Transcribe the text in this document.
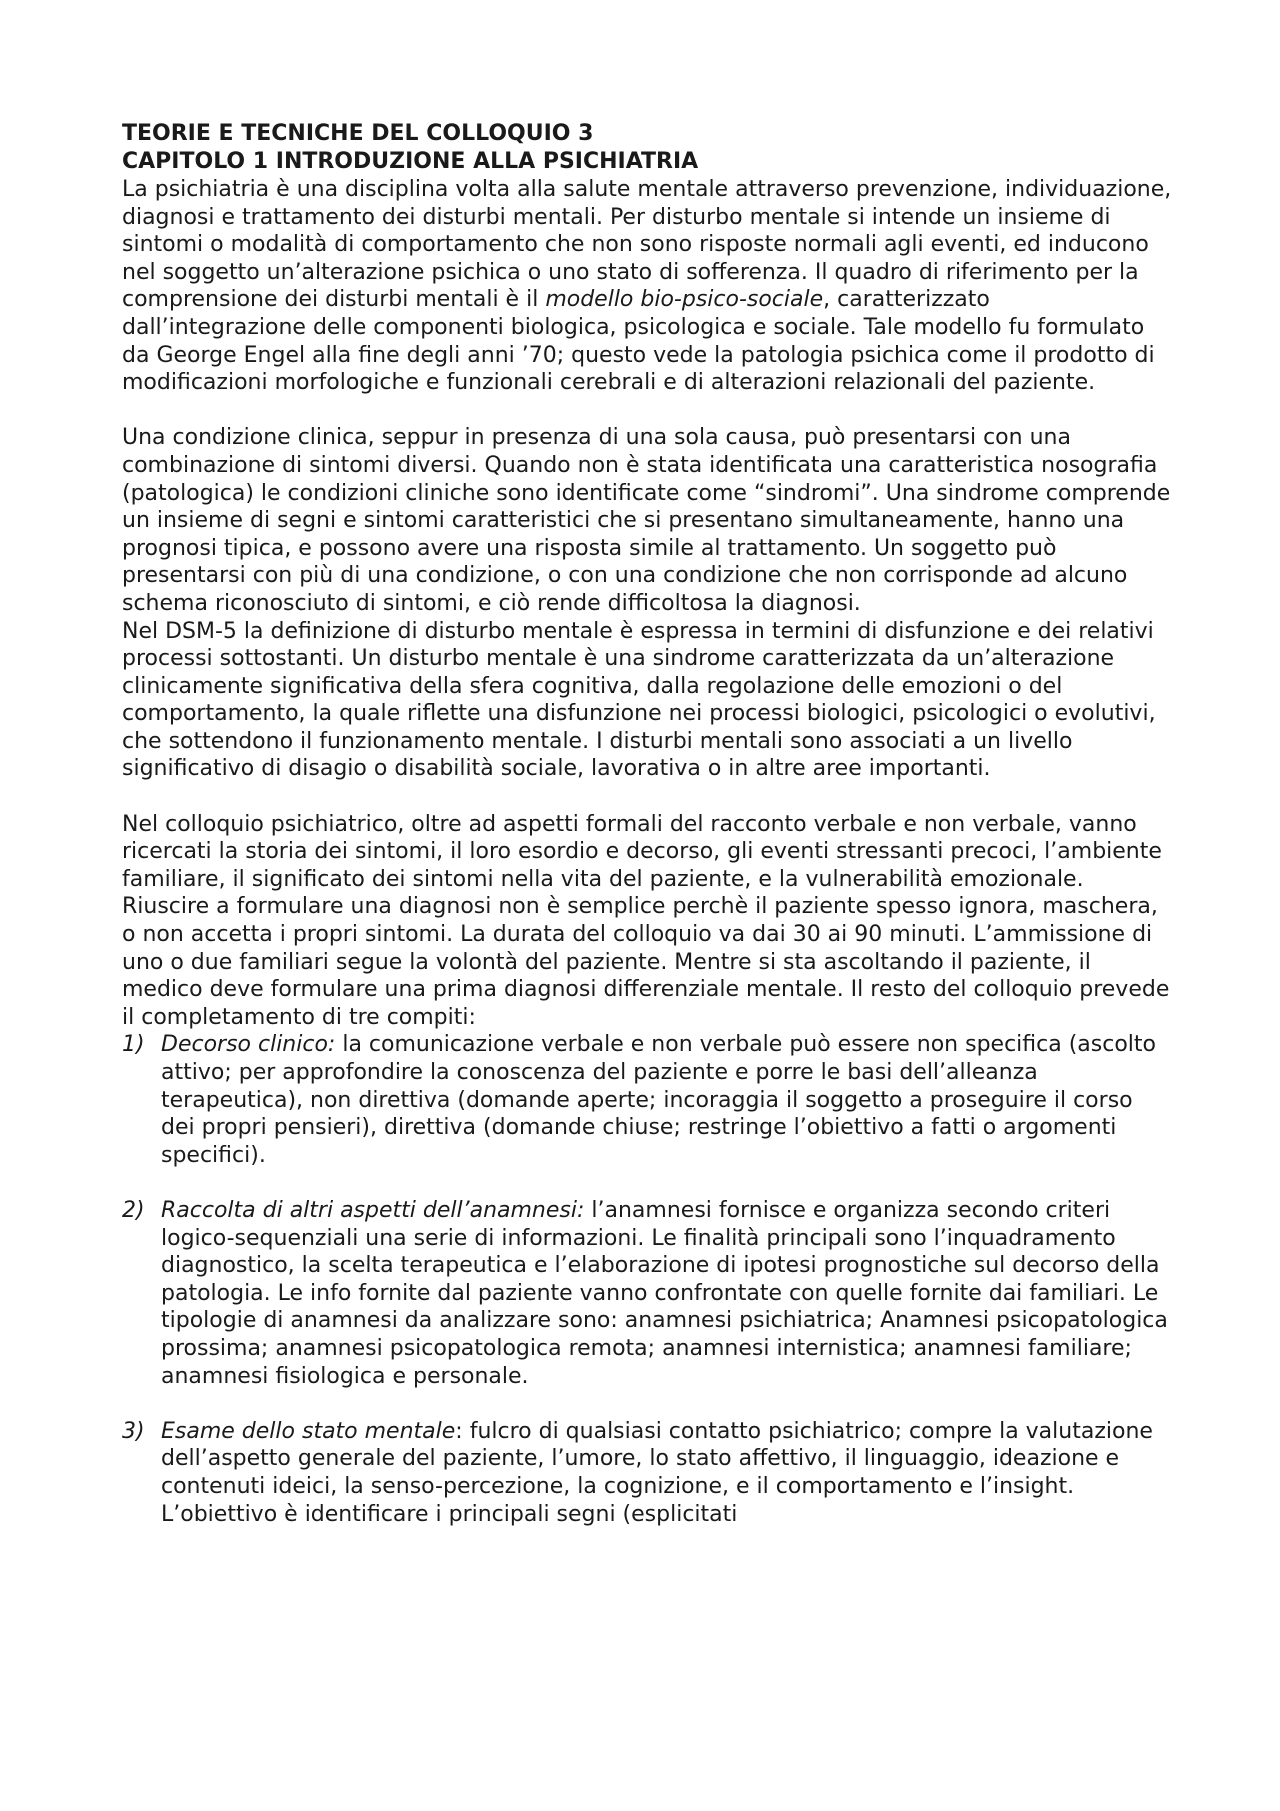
TEORIE E TECNICHE DEL COLLOQUIO 3
CAPITOLO 1 INTRODUZIONE ALLA PSICHIATRIA

La psichiatria è una disciplina volta alla salute mentale attraverso prevenzione, individuazione, diagnosi e trattamento dei disturbi mentali. Per disturbo mentale si intende un insieme di sintomi o modalità di comportamento che non sono risposte normali agli eventi, ed inducono nel soggetto un’alterazione psichica o uno stato di sofferenza. Il quadro di riferimento per la comprensione dei disturbi mentali è il modello bio-psico-sociale, caratterizzato dall’integrazione delle componenti biologica, psicologica e sociale. Tale modello fu formulato da George Engel alla fine degli anni ’70; questo vede la patologia psichica come il prodotto di modificazioni morfologiche e funzionali cerebrali e di alterazioni relazionali del paziente.

Una condizione clinica, seppur in presenza di una sola causa, può presentarsi con una combinazione di sintomi diversi. Quando non è stata identificata una caratteristica nosografia (patologica) le condizioni cliniche sono identificate come “sindromi”. Una sindrome comprende un insieme di segni e sintomi caratteristici che si presentano simultaneamente, hanno una prognosi tipica, e possono avere una risposta simile al trattamento. Un soggetto può presentarsi con più di una condizione, o con una condizione che non corrisponde ad alcuno schema riconosciuto di sintomi, e ciò rende difficoltosa la diagnosi.

Nel DSM-5 la definizione di disturbo mentale è espressa in termini di disfunzione e dei relativi processi sottostanti. Un disturbo mentale è una sindrome caratterizzata da un’alterazione clinicamente significativa della sfera cognitiva, dalla regolazione delle emozioni o del comportamento, la quale riflette una disfunzione nei processi biologici, psicologici o evolutivi, che sottendono il funzionamento mentale. I disturbi mentali sono associati a un livello significativo di disagio o disabilità sociale, lavorativa o in altre aree importanti.

Nel colloquio psichiatrico, oltre ad aspetti formali del racconto verbale e non verbale, vanno ricercati la storia dei sintomi, il loro esordio e decorso, gli eventi stressanti precoci, l’ambiente familiare, il significato dei sintomi nella vita del paziente, e la vulnerabilità emozionale. Riuscire a formulare una diagnosi non è semplice perchè il paziente spesso ignora, maschera, o non accetta i propri sintomi. La durata del colloquio va dai 30 ai 90 minuti. L’ammissione di uno o due familiari segue la volontà del paziente. Mentre si sta ascoltando il paziente, il medico deve formulare una prima diagnosi differenziale mentale. Il resto del colloquio prevede il completamento di tre compiti:

1) Decorso clinico: la comunicazione verbale e non verbale può essere non specifica (ascolto attivo; per approfondire la conoscenza del paziente e porre le basi dell’alleanza terapeutica), non direttiva (domande aperte; incoraggia il soggetto a proseguire il corso dei propri pensieri), direttiva (domande chiuse; restringe l’obiettivo a fatti o argomenti specifici).
2) Raccolta di altri aspetti dell’anamnesi: l’anamnesi fornisce e organizza secondo criteri logico-sequenziali una serie di informazioni. Le finalità principali sono l’inquadramento diagnostico, la scelta terapeutica e l’elaborazione di ipotesi prognostiche sul decorso della patologia. Le info fornite dal paziente vanno confrontate con quelle fornite dai familiari. Le tipologie di anamnesi da analizzare sono: anamnesi psichiatrica; Anamnesi psicopatologica prossima; anamnesi psicopatologica remota; anamnesi internistica; anamnesi familiare; anamnesi fisiologica e personale.
3) Esame dello stato mentale: fulcro di qualsiasi contatto psichiatrico; compre la valutazione dell’aspetto generale del paziente, l’umore, lo stato affettivo, il linguaggio, ideazione e contenuti ideici, la senso-percezione, la cognizione, e il comportamento e l’insight. L’obiettivo è identificare i principali segni (esplicitati
